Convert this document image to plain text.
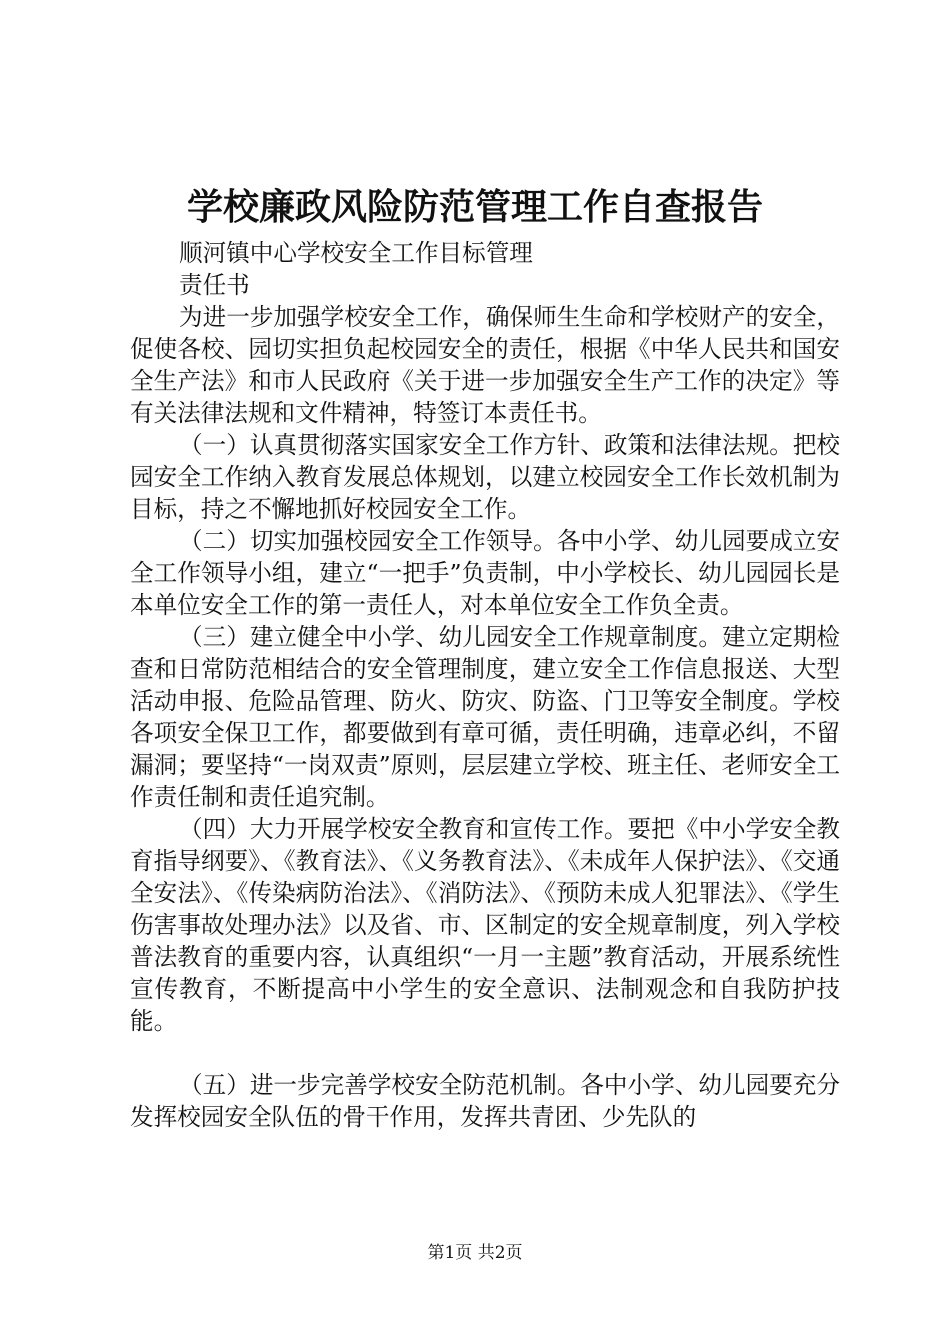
学校廉政风险防范管理工作自查报告
顺河镇中心学校安全工作目标管理
责任书

为进一步加强学校安全工作，确保师生生命和学校财产的安全，促使各校、园切实担负起校园安全的责任，根据《中华人民共和国安全生产法》和市人民政府《关于进一步加强安全生产工作的决定》等有关法律法规和文件精神，特签订本责任书。

（一）认真贯彻落实国家安全工作方针、政策和法律法规。把校园安全工作纳入教育发展总体规划，以建立校园安全工作长效机制为目标，持之不懈地抓好校园安全工作。

（二）切实加强校园安全工作领导。各中小学、幼儿园要成立安全工作领导小组，建立“一把手”负责制，中小学校长、幼儿园园长是本单位安全工作的第一责任人，对本单位安全工作负全责。

（三）建立健全中小学、幼儿园安全工作规章制度。建立定期检查和日常防范相结合的安全管理制度，建立安全工作信息报送、大型活动申报、危险品管理、防火、防灾、防盗、门卫等安全制度。学校各项安全保卫工作，都要做到有章可循，责任明确，违章必纠，不留漏洞；要坚持“一岗双责”原则，层层建立学校、班主任、老师安全工作责任制和责任追究制。

（四）大力开展学校安全教育和宣传工作。要把《中小学安全教育指导纲要》、《教育法》、《义务教育法》、《未成年人保护法》、《交通全安法》、《传染病防治法》、《消防法》、《预防未成人犯罪法》、《学生伤害事故处理办法》以及省、市、区制定的安全规章制度，列入学校普法教育的重要内容，认真组织“一月一主题”教育活动，开展系统性宣传教育，不断提高中小学生的安全意识、法制观念和自我防护技能。

（五）进一步完善学校安全防范机制。各中小学、幼儿园要充分发挥校园安全队伍的骨干作用，发挥共青团、少先队的

第1页 共2页
